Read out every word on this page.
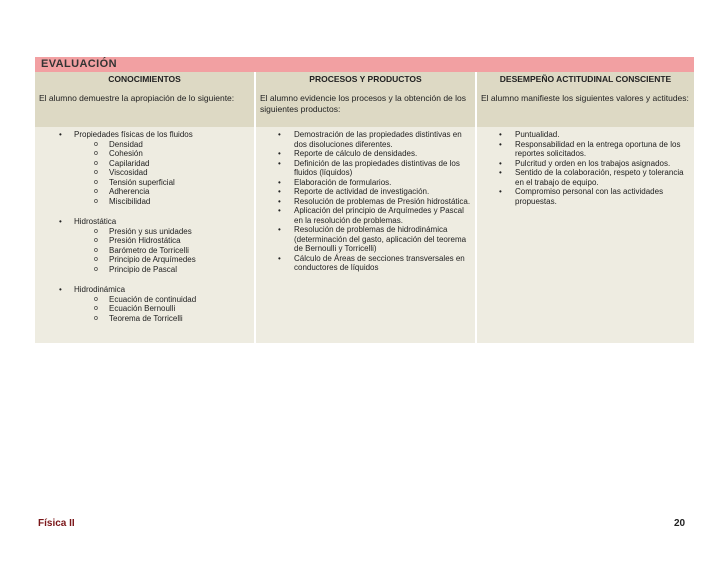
EVALUACIÓN
CONOCIMIENTOS
El alumno demuestre la apropiación de lo siguiente:
PROCESOS Y PRODUCTOS
El alumno evidencie los procesos y la obtención de los siguientes productos:
DESEMPEÑO ACTITUDINAL CONSCIENTE
El alumno manifieste los siguientes valores y actitudes:
• Propiedades físicas de los fluidos
o Densidad
o Cohesión
o Capilaridad
o Viscosidad
o Tensión superficial
o Adherencia
o Miscibilidad
• Hidrostática
o Presión y sus unidades
o Presión Hidrostática
o Barómetro de Torricelli
o Principio de Arquímedes
o Principio de Pascal
• Hidrodinámica
o Ecuación de continuidad
o Ecuación Bernoulli
o Teorema de Torricelli
• Demostración de las propiedades distintivas en dos disoluciones diferentes.
• Reporte de cálculo de densidades.
• Definición de las propiedades distintivas de los fluidos (líquidos)
• Elaboración de formularios.
• Reporte de actividad de investigación.
• Resolución de problemas de Presión hidrostática.
• Aplicación del principio de Arquímedes y Pascal en la resolución de problemas.
• Resolución de problemas de hidrodinámica (determinación del gasto, aplicación del teorema de Bernoulli y Torricelli)
• Cálculo de Áreas de secciones transversales en conductores de líquidos
• Puntualidad.
• Responsabilidad en la entrega oportuna de los reportes solicitados.
• Pulcritud y orden en los trabajos asignados.
• Sentido de la colaboración, respeto y tolerancia en el trabajo de equipo.
• Compromiso personal con las actividades propuestas.
Física II	20
